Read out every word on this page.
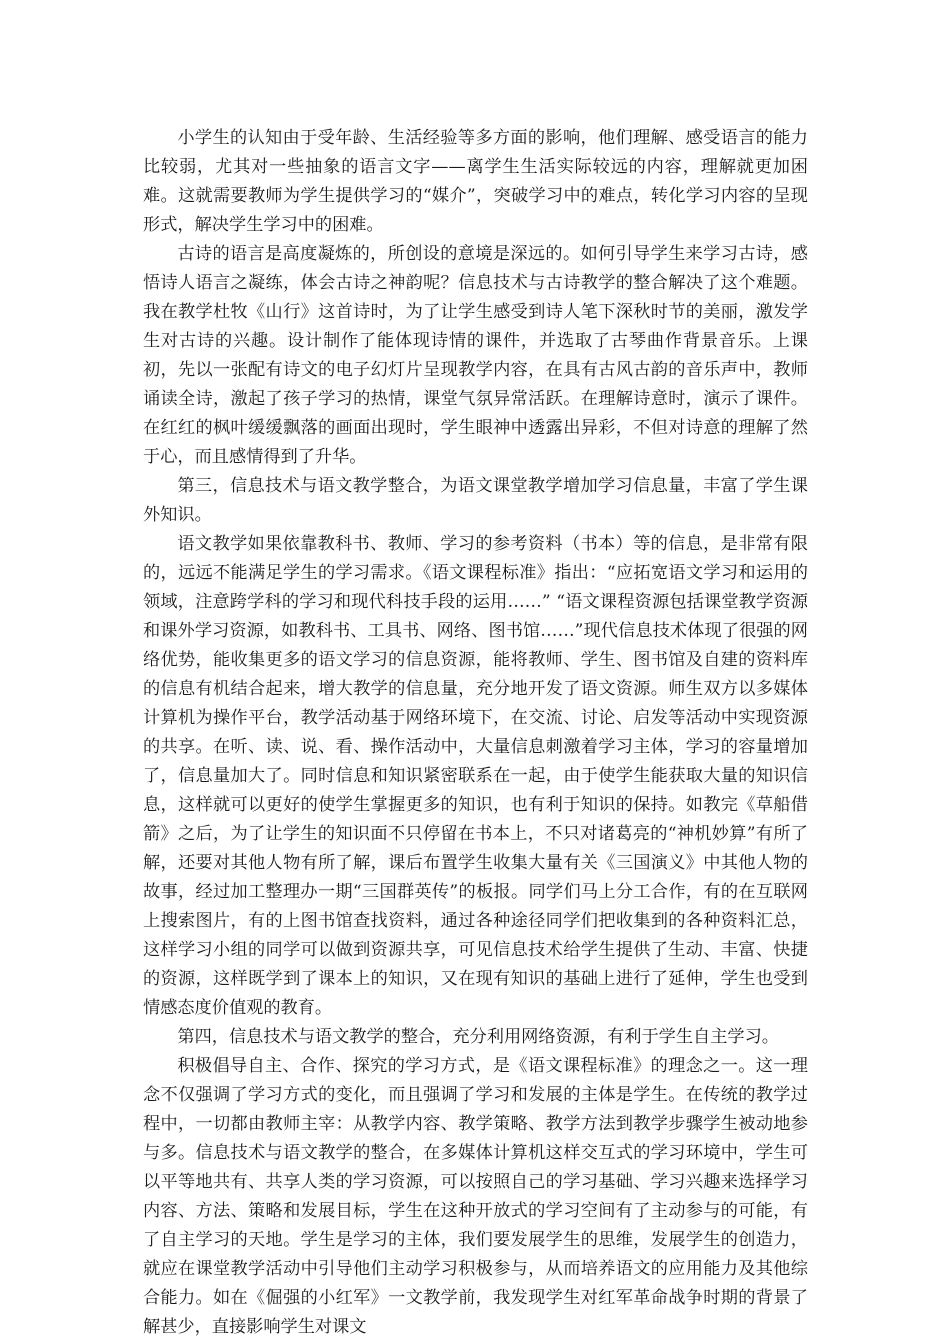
小学生的认知由于受年龄、生活经验等多方面的影响，他们理解、感受语言的能力比较弱，尤其对一些抽象的语言文字——离学生生活实际较远的内容，理解就更加困难。这就需要教师为学生提供学习的“媒介”，突破学习中的难点，转化学习内容的呈现形式，解决学生学习中的困难。

古诗的语言是高度凝炼的，所创设的意境是深远的。如何引导学生来学习古诗，感悟诗人语言之凝练，体会古诗之神韵呢？信息技术与古诗教学的整合解决了这个难题。我在教学杜牧《山行》这首诗时，为了让学生感受到诗人笔下深秋时节的美丽，激发学生对古诗的兴趣。设计制作了能体现诗情的课件，并选取了古琴曲作背景音乐。上课初，先以一张配有诗文的电子幻灯片呈现教学内容，在具有古风古韵的音乐声中，教师诵读全诗，激起了孩子学习的热情，课堂气氛异常活跃。在理解诗意时，演示了课件。在红红的枫叶缓缓飘落的画面出现时，学生眼神中透露出异彩，不但对诗意的理解了然于心，而且感情得到了升华。

第三，信息技术与语文教学整合，为语文课堂教学增加学习信息量，丰富了学生课外知识。

语文教学如果依靠教科书、教师、学习的参考资料（书本）等的信息，是非常有限的，远远不能满足学生的学习需求。《语文课程标准》指出：“应拓宽语文学习和运用的领域，注意跨学科的学习和现代科技手段的运用……” “语文课程资源包括课堂教学资源和课外学习资源，如教科书、工具书、网络、图书馆……”现代信息技术体现了很强的网络优势，能收集更多的语文学习的信息资源，能将教师、学生、图书馆及自建的资料库的信息有机结合起来，增大教学的信息量，充分地开发了语文资源。师生双方以多媒体计算机为操作平台，教学活动基于网络环境下，在交流、讨论、启发等活动中实现资源的共享。在听、读、说、看、操作活动中，大量信息刺激着学习主体，学习的容量增加了，信息量加大了。同时信息和知识紧密联系在一起，由于使学生能获取大量的知识信息，这样就可以更好的使学生掌握更多的知识，也有利于知识的保持。如教完《草船借箭》之后，为了让学生的知识面不只停留在书本上，不只对诸葛亮的“神机妙算”有所了解，还要对其他人物有所了解，课后布置学生收集大量有关《三国演义》中其他人物的故事，经过加工整理办一期“三国群英传”的板报。同学们马上分工合作，有的在互联网上搜索图片，有的上图书馆查找资料，通过各种途径同学们把收集到的各种资料汇总，这样学习小组的同学可以做到资源共享，可见信息技术给学生提供了生动、丰富、快捷的资源，这样既学到了课本上的知识，又在现有知识的基础上进行了延伸，学生也受到情感态度价值观的教育。

第四，信息技术与语文教学的整合，充分利用网络资源，有利于学生自主学习。

积极倡导自主、合作、探究的学习方式，是《语文课程标准》的理念之一。这一理念不仅强调了学习方式的变化，而且强调了学习和发展的主体是学生。在传统的教学过程中，一切都由教师主宰：从教学内容、教学策略、教学方法到教学步骤学生被动地参与多。信息技术与语文教学的整合，在多媒体计算机这样交互式的学习环境中，学生可以平等地共有、共享人类的学习资源，可以按照自己的学习基础、学习兴趣来选择学习内容、方法、策略和发展目标，学生在这种开放式的学习空间有了主动参与的可能，有了自主学习的天地。学生是学习的主体，我们要发展学生的思维，发展学生的创造力，就应在课堂教学活动中引导他们主动学习积极参与，从而培养语文的应用能力及其他综合能力。如在《倔强的小红军》一文教学前，我发现学生对红军革命战争时期的背景了解甚少，直接影响学生对课文
